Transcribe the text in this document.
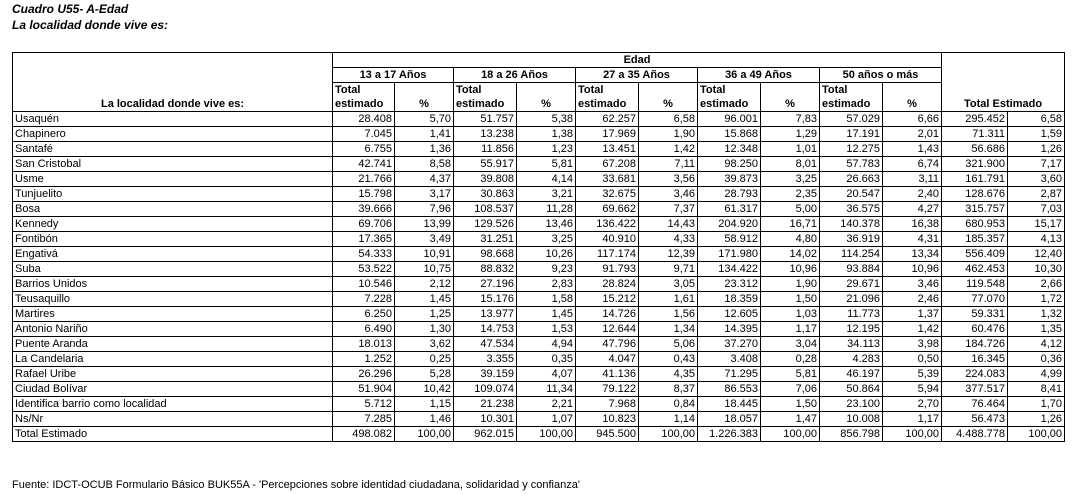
Cuadro U55- A-Edad
La localidad donde vive es:
La localidad donde vive es:	Edad										Total Estimado	
	13 a 17 Años		18 a 26 Años		27 a 35 Años		36 a 49 Años		50 años o más			
	Total	%	Total	%	Total	%	Total	%	Total	%		
	estimado		estimado		estimado		estimado		estimado			
Usaquén	28.408	5,70	51.757	5,38	62.257	6,58	96.001	7,83	57.029	6,66	295.452	6,58
Chapinero	7.045	1,41	13.238	1,38	17.969	1,90	15.868	1,29	17.191	2,01	71.311	1,59
Santafé	6.755	1,36	11.856	1,23	13.451	1,42	12.348	1,01	12.275	1,43	56.686	1,26
San Cristobal	42.741	8,58	55.917	5,81	67.208	7,11	98.250	8,01	57.783	6,74	321.900	7,17
Usme	21.766	4,37	39.808	4,14	33.681	3,56	39.873	3,25	26.663	3,11	161.791	3,60
Tunjuelito	15.798	3,17	30.863	3,21	32.675	3,46	28.793	2,35	20.547	2,40	128.676	2,87
Bosa	39.666	7,96	108.537	11,28	69.662	7,37	61.317	5,00	36.575	4,27	315.757	7,03
Kennedy	69.706	13,99	129.526	13,46	136.422	14,43	204.920	16,71	140.378	16,38	680.953	15,17
Fontibón	17.365	3,49	31.251	3,25	40.910	4,33	58.912	4,80	36.919	4,31	185.357	4,13
Engativá	54.333	10,91	98.668	10,26	117.174	12,39	171.980	14,02	114.254	13,34	556.409	12,40
Suba	53.522	10,75	88.832	9,23	91.793	9,71	134.422	10,96	93.884	10,96	462.453	10,30
Barrios Unidos	10.546	2,12	27.196	2,83	28.824	3,05	23.312	1,90	29.671	3,46	119.548	2,66
Teusaquillo	7.228	1,45	15.176	1,58	15.212	1,61	18.359	1,50	21.096	2,46	77.070	1,72
Martires	6.250	1,25	13.977	1,45	14.726	1,56	12.605	1,03	11.773	1,37	59.331	1,32
Antonio Nariño	6.490	1,30	14.753	1,53	12.644	1,34	14.395	1,17	12.195	1,42	60.476	1,35
Puente Aranda	18.013	3,62	47.534	4,94	47.796	5,06	37.270	3,04	34.113	3,98	184.726	4,12
La Candelaria	1.252	0,25	3.355	0,35	4.047	0,43	3.408	0,28	4.283	0,50	16.345	0,36
Rafael Uribe	26.296	5,28	39.159	4,07	41.136	4,35	71.295	5,81	46.197	5,39	224.083	4,99
Ciudad Bolívar	51.904	10,42	109.074	11,34	79.122	8,37	86.553	7,06	50.864	5,94	377.517	8,41
Identifica barrio como localidad	5.712	1,15	21.238	2,21	7.968	0,84	18.445	1,50	23.100	2,70	76.464	1,70
Ns/Nr	7.285	1,46	10.301	1,07	10.823	1,14	18.057	1,47	10.008	1,17	56.473	1,26
Total Estimado	498.082	100,00	962.015	100,00	945.500	100,00	1.226.383	100,00	856.798	100,00	4.488.778	100,00
Fuente: IDCT-OCUB Formulario Básico BUK55A - 'Percepciones sobre identidad ciudadana, solidaridad y confianza'
